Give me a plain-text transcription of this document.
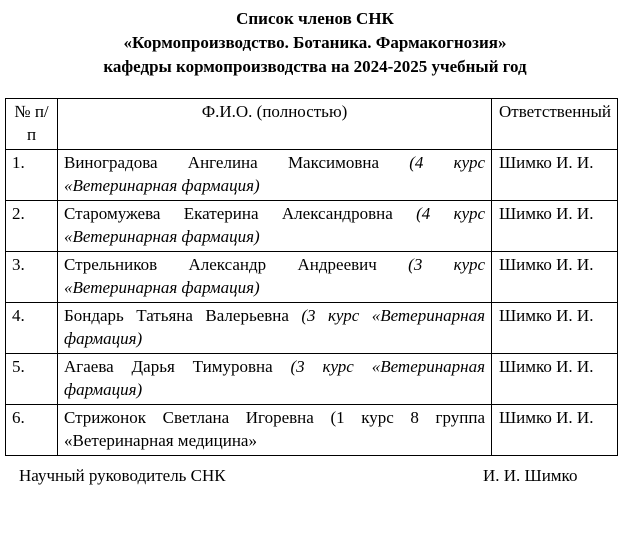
Список членов СНК
«Кормопроизводство. Ботаника. Фармакогнозия»
кафедры кормопроизводства на 2024-2025 учебный год
№ п/п	Ф.И.О. (полностью)	Ответственный
1.	Виноградова Ангелина Максимовна (4 курс «Ветеринарная фармация)	Шимко И. И.
2.	Старомужева Екатерина Александровна (4 курс «Ветеринарная фармация)	Шимко И. И.
3.	Стрельников Александр Андреевич (3 курс «Ветеринарная фармация)	Шимко И. И.
4.	Бондарь Татьяна Валерьевна (3 курс «Ветеринарная фармация)	Шимко И. И.
5.	Агаева Дарья Тимуровна (3 курс «Ветеринарная фармация)	Шимко И. И.
6.	Стрижонок Светлана Игоревна (1 курс 8 группа «Ветеринарная медицина»	Шимко И. И.
Научный руководитель СНК	И. И. Шимко
